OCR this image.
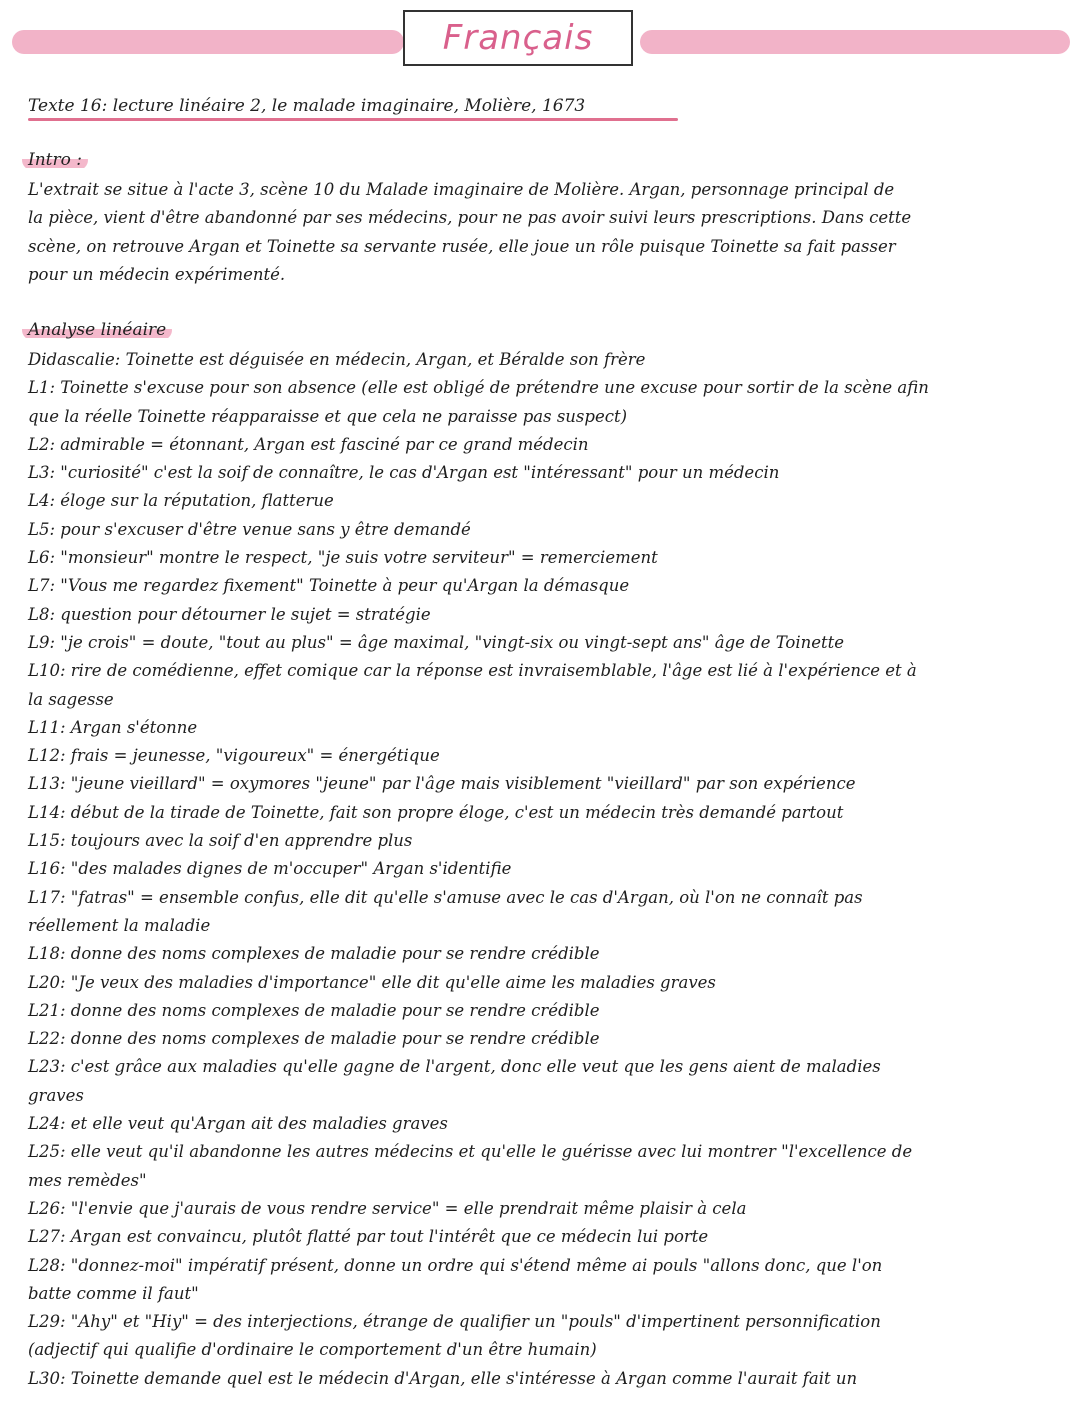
Français
Texte 16: lecture linéaire 2, le malade imaginaire, Molière, 1673
Intro :
L'extrait se situe à l'acte 3, scène 10 du Malade imaginaire de Molière. Argan, personnage principal de
la pièce, vient d'être abandonné par ses médecins, pour ne pas avoir suivi leurs prescriptions. Dans cette
scène, on retrouve Argan et Toinette sa servante rusée, elle joue un rôle puisque Toinette sa fait passer
pour un médecin expérimenté.
Analyse linéaire
Didascalie: Toinette est déguisée en médecin, Argan, et Béralde son frère
L1: Toinette s'excuse pour son absence (elle est obligé de prétendre une excuse pour sortir de la scène afin
que la réelle Toinette réapparaisse et que cela ne paraisse pas suspect)
L2: admirable = étonnant, Argan est fasciné par ce grand médecin
L3: "curiosité" c'est la soif de connaître, le cas d'Argan est "intéressant" pour un médecin
L4: éloge sur la réputation, flatterue
L5: pour s'excuser d'être venue sans y être demandé
L6: "monsieur" montre le respect, "je suis votre serviteur" = remerciement
L7: "Vous me regardez fixement" Toinette à peur qu'Argan la démasque
L8: question pour détourner le sujet = stratégie
L9: "je crois" = doute, "tout au plus" = âge maximal, "vingt-six ou vingt-sept ans" âge de Toinette
L10: rire de comédienne, effet comique car la réponse est invraisemblable, l'âge est lié à l'expérience et à
la sagesse
L11: Argan s'étonne
L12: frais = jeunesse, "vigoureux" = énergétique
L13: "jeune vieillard" = oxymores "jeune" par l'âge mais visiblement "vieillard" par son expérience
L14: début de la tirade de Toinette, fait son propre éloge, c'est un médecin très demandé partout
L15: toujours avec la soif d'en apprendre plus
L16: "des malades dignes de m'occuper" Argan s'identifie
L17: "fatras" = ensemble confus, elle dit qu'elle s'amuse avec le cas d'Argan, où l'on ne connaît pas
réellement la maladie
L18: donne des noms complexes de maladie pour se rendre crédible
L20: "Je veux des maladies d'importance" elle dit qu'elle aime les maladies graves
L21: donne des noms complexes de maladie pour se rendre crédible
L22: donne des noms complexes de maladie pour se rendre crédible
L23: c'est grâce aux maladies qu'elle gagne de l'argent, donc elle veut que les gens aient de maladies
graves
L24: et elle veut qu'Argan ait des maladies graves
L25: elle veut qu'il abandonne les autres médecins et qu'elle le guérisse avec lui montrer "l'excellence de
mes remèdes"
L26: "l'envie que j'aurais de vous rendre service" = elle prendrait même plaisir à cela
L27: Argan est convaincu, plutôt flatté par tout l'intérêt que ce médecin lui porte
L28: "donnez-moi" impératif présent, donne un ordre qui s'étend même ai pouls "allons donc, que l'on
batte comme il faut"
L29: "Ahy" et "Hiy" = des interjections, étrange de qualifier un "pouls" d'impertinent personnification
(adjectif qui qualifie d'ordinaire le comportement d'un être humain)
L30: Toinette demande quel est le médecin d'Argan, elle s'intéresse à Argan comme l'aurait fait un
